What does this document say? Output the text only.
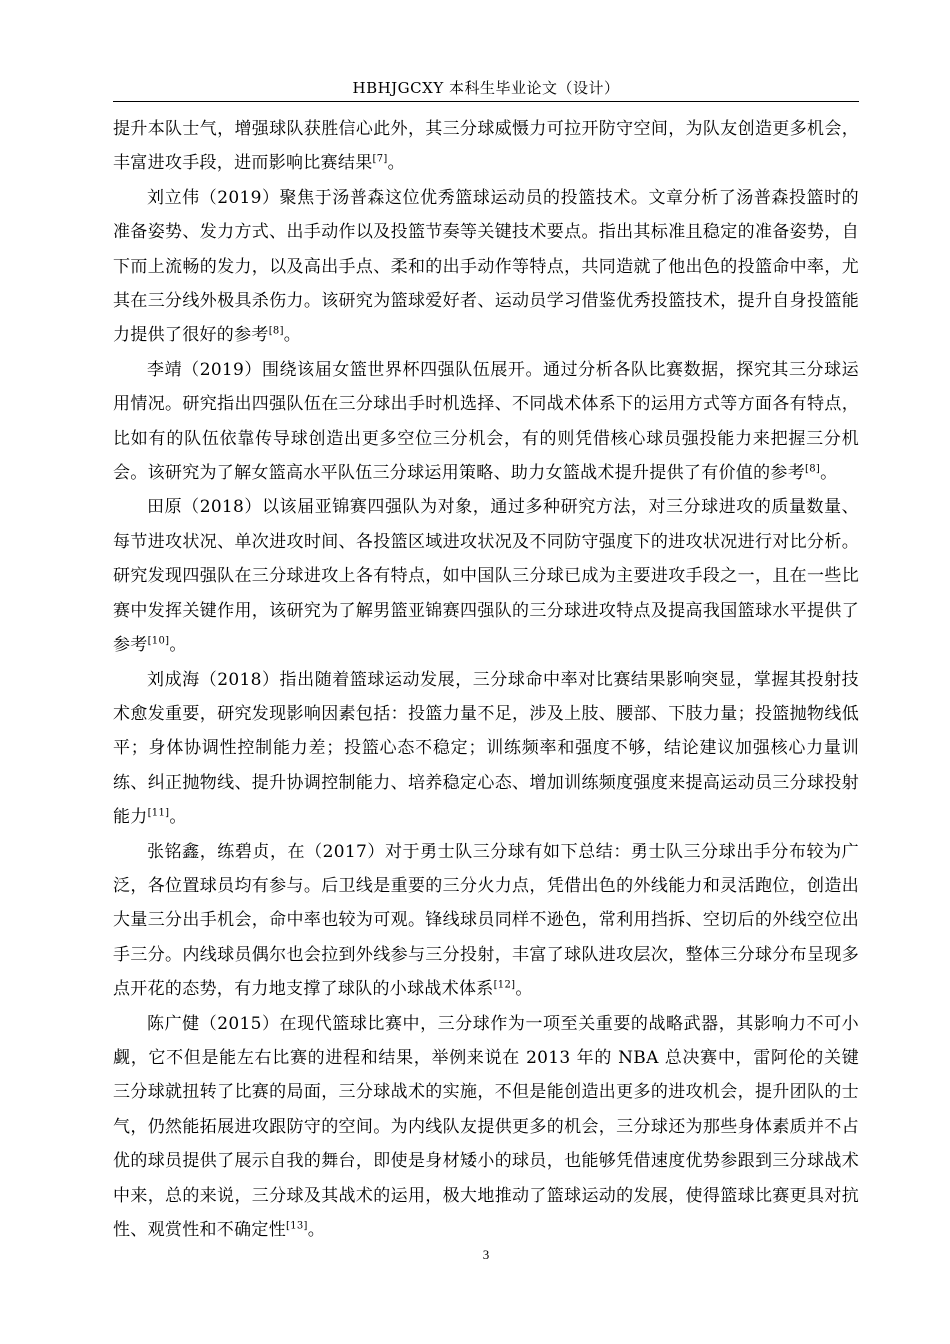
HBHJGCXY 本科生毕业论文（设计）

提升本队士气，增强球队获胜信心此外，其三分球威慑力可拉开防守空间，为队友创造更多机会，丰富进攻手段，进而影响比赛结果[7]。

刘立伟（2019）聚焦于汤普森这位优秀篮球运动员的投篮技术。文章分析了汤普森投篮时的准备姿势、发力方式、出手动作以及投篮节奏等关键技术要点。指出其标准且稳定的准备姿势，自下而上流畅的发力，以及高出手点、柔和的出手动作等特点，共同造就了他出色的投篮命中率，尤其在三分线外极具杀伤力。该研究为篮球爱好者、运动员学习借鉴优秀投篮技术，提升自身投篮能力提供了很好的参考[8]。

李靖（2019）围绕该届女篮世界杯四强队伍展开。通过分析各队比赛数据，探究其三分球运用情况。研究指出四强队伍在三分球出手时机选择、不同战术体系下的运用方式等方面各有特点，比如有的队伍依靠传导球创造出更多空位三分机会，有的则凭借核心球员强投能力来把握三分机会。该研究为了解女篮高水平队伍三分球运用策略、助力女篮战术提升提供了有价值的参考[8]。

田原（2018）以该届亚锦赛四强队为对象，通过多种研究方法，对三分球进攻的质量数量、每节进攻状况、单次进攻时间、各投篮区域进攻状况及不同防守强度下的进攻状况进行对比分析。研究发现四强队在三分球进攻上各有特点，如中国队三分球已成为主要进攻手段之一，且在一些比赛中发挥关键作用，该研究为了解男篮亚锦赛四强队的三分球进攻特点及提高我国篮球水平提供了参考[10]。

刘成海（2018）指出随着篮球运动发展，三分球命中率对比赛结果影响突显，掌握其投射技术愈发重要，研究发现影响因素包括：投篮力量不足，涉及上肢、腰部、下肢力量；投篮抛物线低平；身体协调性控制能力差；投篮心态不稳定；训练频率和强度不够，结论建议加强核心力量训练、纠正抛物线、提升协调控制能力、培养稳定心态、增加训练频度强度来提高运动员三分球投射能力[11]。

张铭鑫，练碧贞，在（2017）对于勇士队三分球有如下总结：勇士队三分球出手分布较为广泛，各位置球员均有参与。后卫线是重要的三分火力点，凭借出色的外线能力和灵活跑位，创造出大量三分出手机会，命中率也较为可观。锋线球员同样不逊色，常利用挡拆、空切后的外线空位出手三分。内线球员偶尔也会拉到外线参与三分投射，丰富了球队进攻层次，整体三分球分布呈现多点开花的态势，有力地支撑了球队的小球战术体系[12]。

陈广健（2015）在现代篮球比赛中，三分球作为一项至关重要的战略武器，其影响力不可小觑，它不但是能左右比赛的进程和结果，举例来说在 2013 年的 NBA 总决赛中，雷阿伦的关键三分球就扭转了比赛的局面，三分球战术的实施，不但是能创造出更多的进攻机会，提升团队的士气，仍然能拓展进攻跟防守的空间。为内线队友提供更多的机会，三分球还为那些身体素质并不占优的球员提供了展示自我的舞台，即使是身材矮小的球员，也能够凭借速度优势参跟到三分球战术中来，总的来说，三分球及其战术的运用，极大地推动了篮球运动的发展，使得篮球比赛更具对抗性、观赏性和不确定性[13]。

3
